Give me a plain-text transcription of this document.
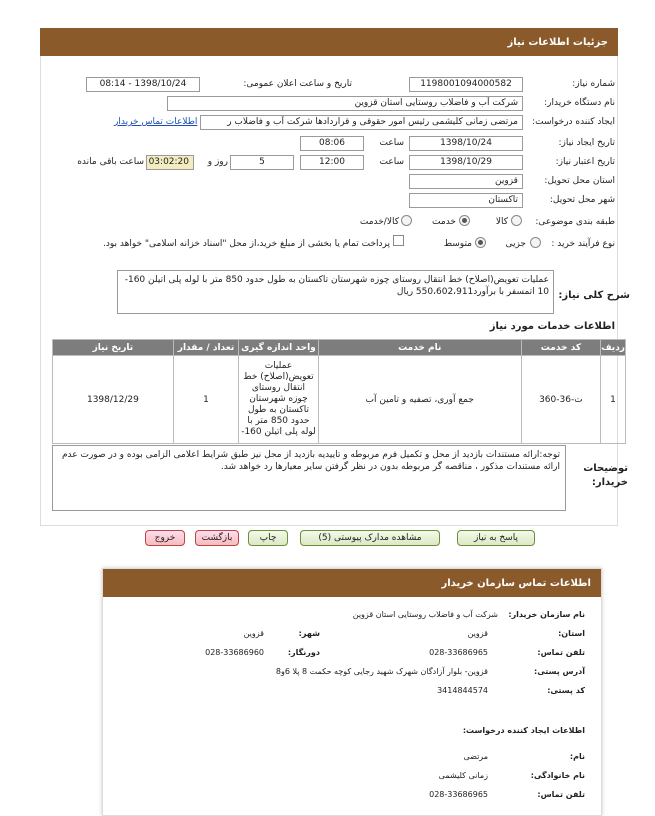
جزئیات اطلاعات نیاز
شماره نیاز:
1198001094000582
تاریخ و ساعت اعلان عمومی:
1398/10/24 - 08:14
نام دستگاه خریدار:
شرکت آب و فاضلاب روستایی استان قزوین
ایجاد کننده درخواست:
مرتضی زمانی کلیشمی رئیس امور حقوقی و قراردادها شرکت آب و فاضلاب ر
اطلاعات تماس خریدار
تاریخ ایجاد نیاز:
1398/10/24
ساعت
08:06
تاریخ اعتبار نیاز:
1398/10/29
ساعت
12:00
5
روز و
03:02:20
ساعت باقی مانده
استان محل تحویل:
قزوین
شهر محل تحویل:
تاکستان
طبقه بندی موضوعی:
کالا
خدمت
کالا/خدمت
نوع فرآیند خرید :
جزیی
متوسط
پرداخت تمام یا بخشی از مبلغ خرید،از محل "اسناد خزانه اسلامی" خواهد بود.
شرح کلی نیاز:
عملیات تعویض(اصلاح) خط انتقال روستای چوزه شهرستان تاکستان به طول حدود 850 متر با لوله پلی اتیلن 160-10 اتمسفر با برآورد550،602،911 ریال
اطلاعات خدمات مورد نیاز
ردیف	کد خدمت	نام خدمت	واحد اندازه گیری	تعداد / مقدار	تاریخ نیاز
1	ت-36-360	جمع آوری، تصفیه و تامین آب	عملیات تعویض(اصلاح) خط انتقال روستای چوزه شهرستان تاکستان به طول حدود 850 متر با لوله پلی اتیلن 160-	1	1398/12/29
توضیحات خریدار:
توجه:ارائه مستندات بازدید از محل و تکمیل فرم مربوطه و تاییدیه بازدید از محل نیز طبق شرایط اعلامی الزامی بوده و در صورت عدم ارائه مستندات مذکور ، مناقصه گر مربوطه بدون در نظر گرفتن سایر معیارها رد خواهد شد.
پاسخ به نیاز
مشاهده مدارک پیوستی (5)
چاپ
بازگشت
خروج
اطلاعات تماس سازمان خریدار
نام سازمان خریدار:
شرکت آب و فاضلاب روستایی استان قزوین
استان:
قزوین
شهر:
قزوین
تلفن تماس:
028-33686965
دورنگار:
028-33686960
آدرس پستی:
قزوین- بلوار آزادگان شهرک شهید رجایی کوچه حکمت 8 پلا 6و8
کد پستی:
3414844574
اطلاعات ایجاد کننده درخواست:
نام:
مرتضی
نام خانوادگی:
زمانی کلیشمی
تلفن تماس:
028-33686965
